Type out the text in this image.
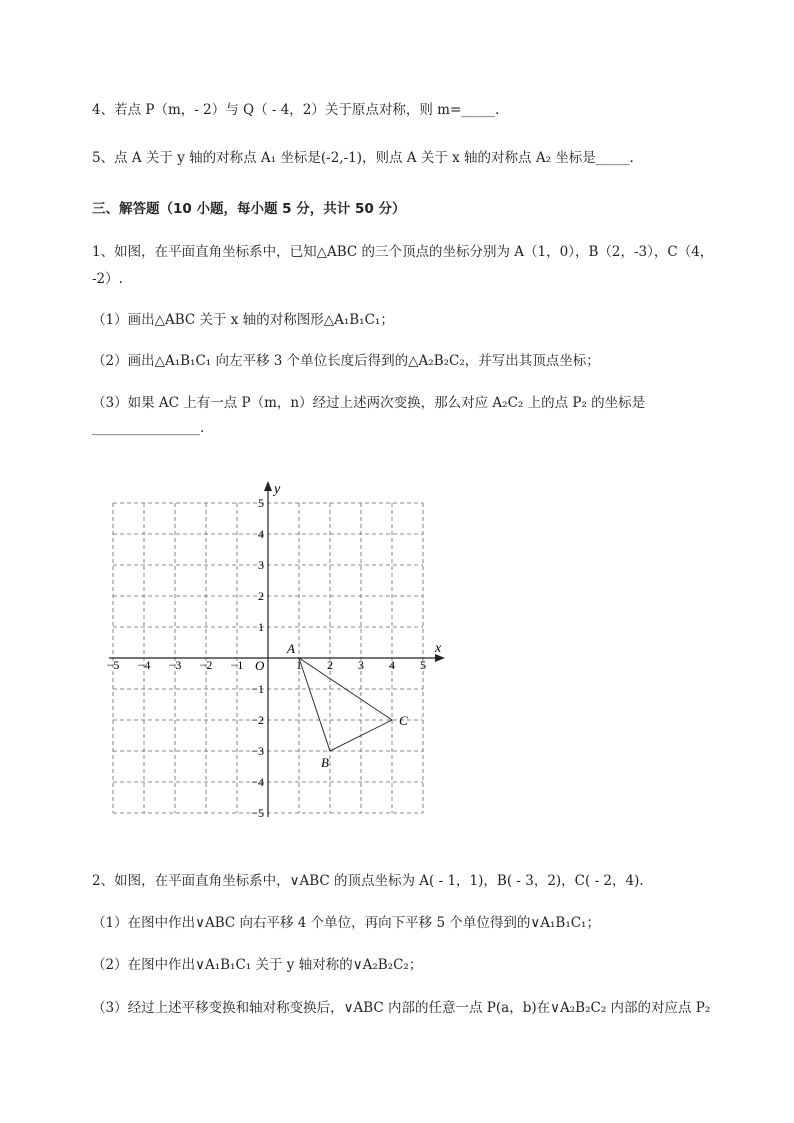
4、若点 P（m，- 2）与 Q（ - 4，2）关于原点对称，则 m=_____.
5、点 A 关于 y 轴的对称点 A₁ 坐标是(-2,-1)，则点 A 关于 x 轴的对称点 A₂ 坐标是_____.
三、解答题（10 小题，每小题 5 分，共计 50 分）
1、如图，在平面直角坐标系中，已知△ABC 的三个顶点的坐标分别为 A（1，0），B（2，-3），C（4，
-2）.
（1）画出△ABC 关于 x 轴的对称图形△A₁B₁C₁；
（2）画出△A₁B₁C₁ 向左平移 3 个单位长度后得到的△A₂B₂C₂，并写出其顶点坐标；
（3）如果 AC 上有一点 P（m，n）经过上述两次变换，那么对应 A₂C₂ 上的点 P₂ 的坐标是
________________.
−5 −4 −3 −2 −1	1 2 3 4 5
5
4
3
2
1
−1
−2
−3
−4
−5
A
B
C
x
y
O
2、如图，在平面直角坐标系中，∨ABC 的顶点坐标为 A( - 1，1)，B( - 3，2)，C( - 2，4).
（1）在图中作出∨ABC 向右平移 4 个单位，再向下平移 5 个单位得到的∨A₁B₁C₁；
（2）在图中作出∨A₁B₁C₁ 关于 y 轴对称的∨A₂B₂C₂；
（3）经过上述平移变换和轴对称变换后，∨ABC 内部的任意一点 P(a，b)在∨A₂B₂C₂ 内部的对应点 P₂
